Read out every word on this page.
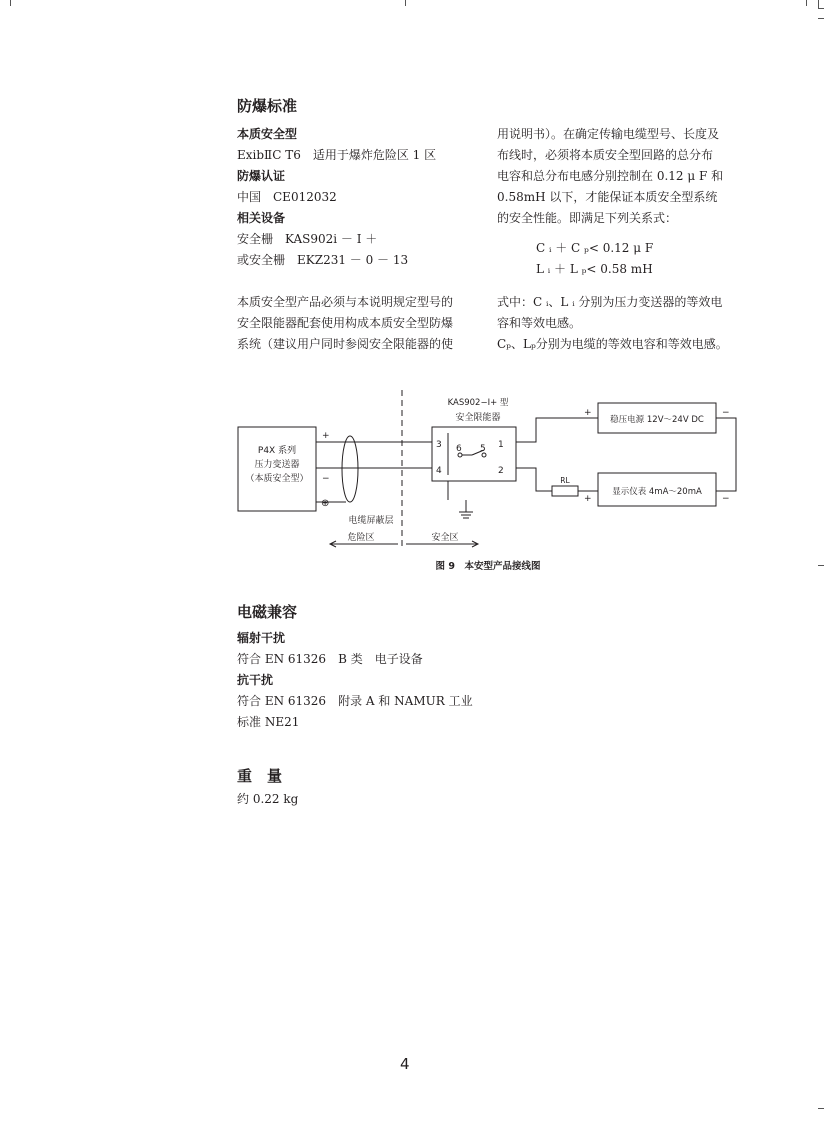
防爆标准
本质安全型
ExibⅡC T6　适用于爆炸危险区 1 区
防爆认证
中国　CE012032
相关设备
安全栅　KAS902i － I ＋
或安全栅　EKZ231 － 0 － 13
用说明书）。在确定传输电缆型号、长度及
布线时，必须将本质安全型回路的总分布
电容和总分布电感分别控制在 0.12 μ F 和
0.58mH 以下，才能保证本质安全型系统
的安全性能。即满足下列关系式：
C ᵢ ＋ C ₚ< 0.12 μ F
L ᵢ ＋ L ₚ< 0.58 mH
本质安全型产品必须与本说明规定型号的
安全限能器配套使用构成本质安全型防爆
系统（建议用户同时参阅安全限能器的使
式中：C ᵢ、L ᵢ 分别为压力变送器的等效电
容和等效电感。
Cₚ、Lₚ分别为电缆的等效电容和等效电感。
KAS902−I+ 型
安全限能器
P4X 系列
压力变送器
（本质安全型）
+
−
⊕
3
4
6 5 1
2
+	−
+	−
稳压电源 12V～24V DC
显示仪表 4mA～20mA
RL
电缆屏蔽层
危险区	安全区
图 9　本安型产品接线图
电磁兼容
辐射干扰
符合 EN 61326　B 类　电子设备
抗干扰
符合 EN 61326　附录 A 和 NAMUR 工业
标准 NE21
重　量
约 0.22 kg
4
